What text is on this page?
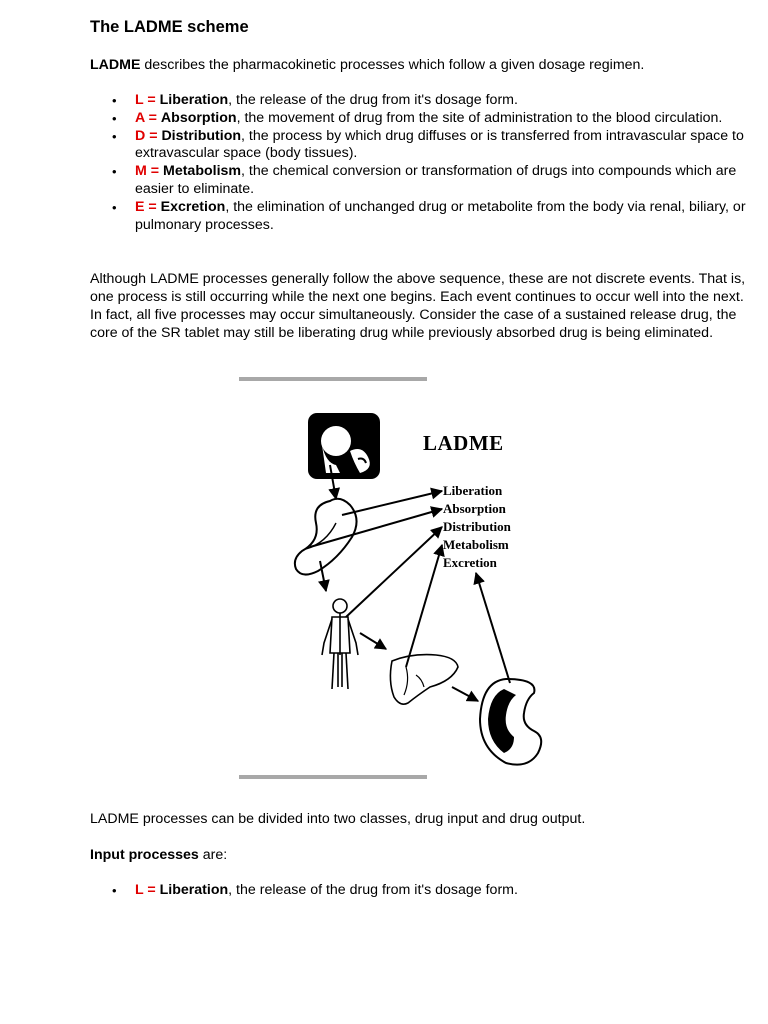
The LADME scheme

LADME describes the pharmacokinetic processes which follow a given dosage regimen.

• L = Liberation, the release of the drug from it's dosage form.
• A = Absorption, the movement of drug from the site of administration to the blood circulation.
• D = Distribution, the process by which drug diffuses or is transferred from intravascular space to extravascular space (body tissues).
• M = Metabolism, the chemical conversion or transformation of drugs into compounds which are easier to eliminate.
• E = Excretion, the elimination of unchanged drug or metabolite from the body via renal, biliary, or pulmonary processes.

Although LADME processes generally follow the above sequence, these are not discrete events. That is, one process is still occurring while the next one begins. Each event continues to occur well into the next. In fact, all five processes may occur simultaneously. Consider the case of a sustained release drug, the core of the SR tablet may still be liberating drug while previously absorbed drug is being eliminated.

LADME
Liberation
Absorption
Distribution
Metabolism
Excretion

LADME processes can be divided into two classes, drug input and drug output.

Input processes are:

• L = Liberation, the release of the drug from it's dosage form.
